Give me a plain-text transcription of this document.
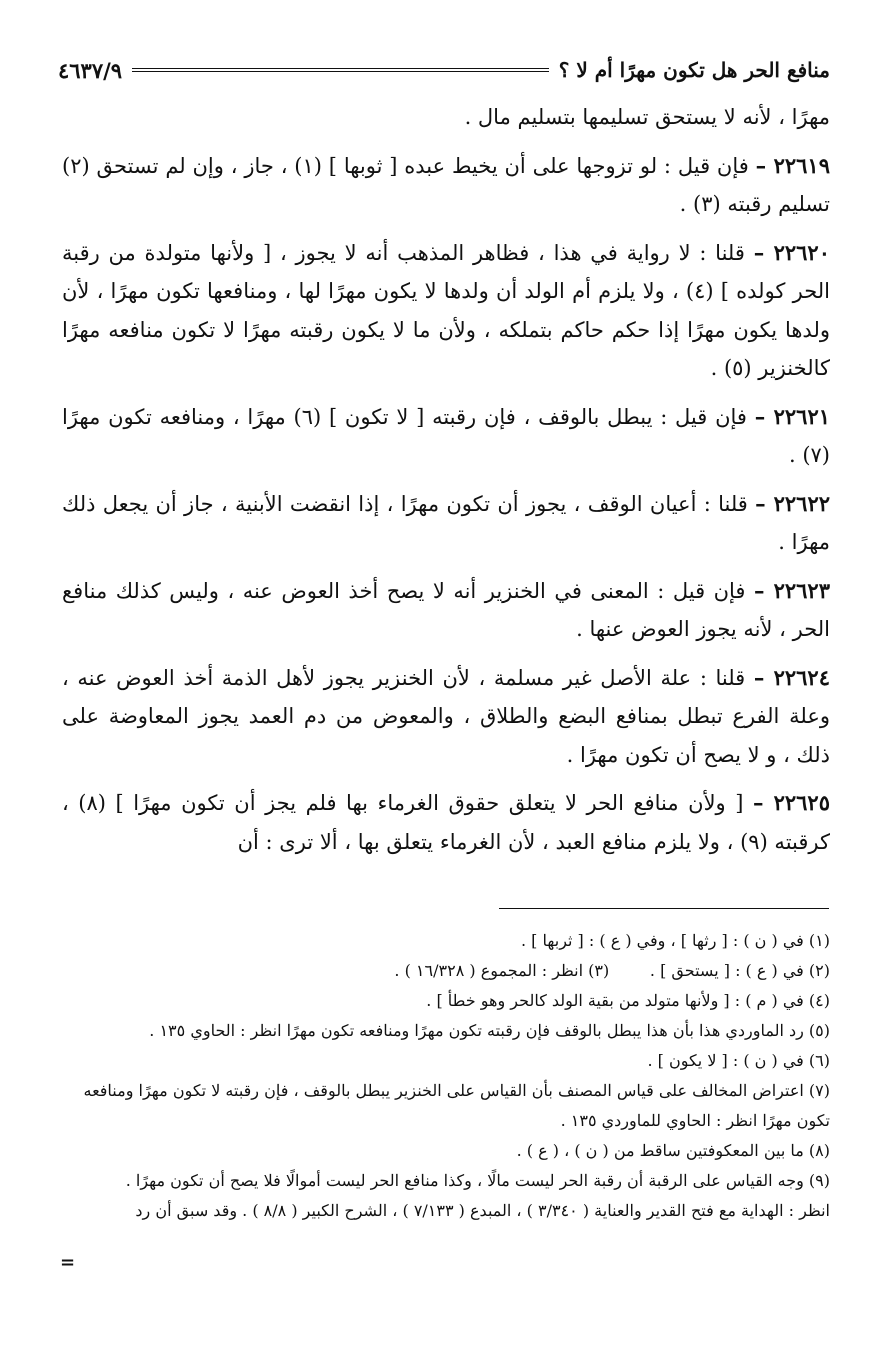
منافع الحر هل تكون مهرًا أم لا ؟
٤٦٣٧/٩

مهرًا ، لأنه لا يستحق تسليمها بتسليم مال .

٢٢٦١٩ – فإن قيل : لو تزوجها على أن يخيط عبده [ ثوبها ] (١) ، جاز ، وإن لم تستحق (٢) تسليم رقبته (٣) .

٢٢٦٢٠ – قلنا : لا رواية في هذا ، فظاهر المذهب أنه لا يجوز ، [ ولأنها متولدة من رقبة الحر كولده ] (٤) ، ولا يلزم أم الولد أن ولدها لا يكون مهرًا لها ، ومنافعها تكون مهرًا ، لأن ولدها يكون مهرًا إذا حكم حاكم بتملكه ، ولأن ما لا يكون رقبته مهرًا لا تكون منافعه مهرًا كالخنزير (٥) .

٢٢٦٢١ – فإن قيل : يبطل بالوقف ، فإن رقبته [ لا تكون ] (٦) مهرًا ، ومنافعه تكون مهرًا (٧) .

٢٢٦٢٢ – قلنا : أعيان الوقف ، يجوز أن تكون مهرًا ، إذا انقضت الأبنية ، جاز أن يجعل ذلك مهرًا .

٢٢٦٢٣ – فإن قيل : المعنى في الخنزير أنه لا يصح أخذ العوض عنه ، وليس كذلك منافع الحر ، لأنه يجوز العوض عنها .

٢٢٦٢٤ – قلنا : علة الأصل غير مسلمة ، لأن الخنزير يجوز لأهل الذمة أخذ العوض عنه ، وعلة الفرع تبطل بمنافع البضع والطلاق ، والمعوض من دم العمد يجوز المعاوضة على ذلك ، و لا يصح أن تكون مهرًا .

٢٢٦٢٥ – [ ولأن منافع الحر لا يتعلق حقوق الغرماء بها فلم يجز أن تكون مهرًا ] (٨) ، كرقبته (٩) ، ولا يلزم منافع العبد ، لأن الغرماء يتعلق بها ، ألا ترى : أن

(١) في ( ن ) : [ رثها ] ، وفي ( ع ) : [ ثربها ] .

(٢) في ( ع ) : [ يستحق ] .        (٣) انظر : المجموع ( ١٦/٣٢٨ ) .

(٤) في ( م ) : [ ولأنها متولد من بقية الولد كالحر وهو خطأ ] .

(٥) رد الماوردي هذا بأن هذا يبطل بالوقف فإن رقبته تكون مهرًا ومنافعه تكون مهرًا انظر : الحاوي ١٣٥ .

(٦) في ( ن ) : [ لا يكون ] .

(٧) اعتراض المخالف على قياس المصنف بأن القياس على الخنزير يبطل بالوقف ، فإن رقبته لا تكون مهرًا ومنافعه تكون مهرًا انظر : الحاوي للماوردي ١٣٥ .

(٨) ما بين المعكوفتين ساقط من ( ن ) ، ( ع ) .

(٩) وجه القياس على الرقبة أن رقبة الحر ليست مالًا ، وكذا منافع الحر ليست أموالًا فلا يصح أن تكون مهرًا .

انظر : الهداية مع فتح القدير والعناية ( ٣/٣٤٠ ) ، المبدع ( ٧/١٣٣ ) ، الشرح الكبير ( ٨/٨ ) . وقد سبق أن رد

=
